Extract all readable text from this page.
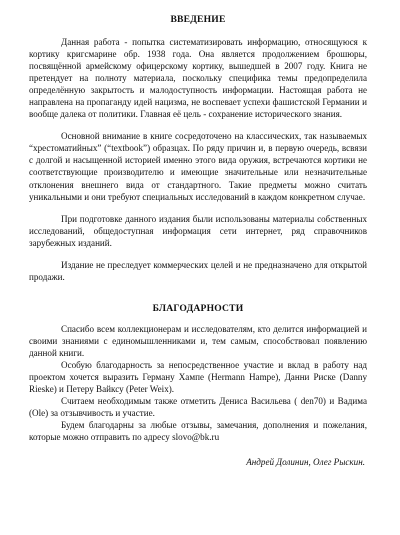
ВВЕДЕНИЕ

Данная работа - попытка систематизировать информацию, относящуюся к кортику кригсмарине обр. 1938 года. Она является продолжением брошюры, посвящённой армейскому офицерскому кортику, вышедшей в 2007 году. Книга не претендует на полноту материала, поскольку специфика темы предопределила определённую закрытость и малодоступность информации. Настоящая работа не направлена на пропаганду идей нацизма, не воспевает успехи фашистской Германии и вообще далека от политики. Главная её цель - сохранение исторического знания.

Основной внимание в книге сосредоточено на классических, так называемых “хрестоматийных” (“textbook”) образцах. По ряду причин и, в первую очередь, всвязи с долгой и насыщенной историей именно этого вида оружия, встречаются кортики не соответствующие производителю и имеющие значительные или незначительные отклонения внешнего вида от стандартного. Такие предметы можно считать уникальными и они требуют специальных исследований в каждом конкретном случае.

При подготовке данного издания были использованы материалы собственных исследований, общедоступная информация сети интернет, ряд справочников зарубежных изданий.

Издание не преследует коммерческих целей и не предназначено для открытой продажи.

БЛАГОДАРНОСТИ

Спасибо всем коллекционерам и исследователям, кто делится информацией и своими знаниями с единомышленниками и, тем самым, способствовал появлению данной книги.

Особую благодарность за непосредственное участие и вклад в работу над проектом хочется выразить Герману Хампе (Hermann Hampe), Данни Риске (Danny Rieske) и Петеру Вайксу (Peter Weix).

Считаем необходимым также отметить Дениса Васильева ( den70) и Вадима (Ole) за отзывчивость и участие.

Будем благодарны за любые отзывы, замечания, дополнения и пожелания, которые можно отправить по адресу slovo@bk.ru

Андрей Долинин, Олег Рыскин.
